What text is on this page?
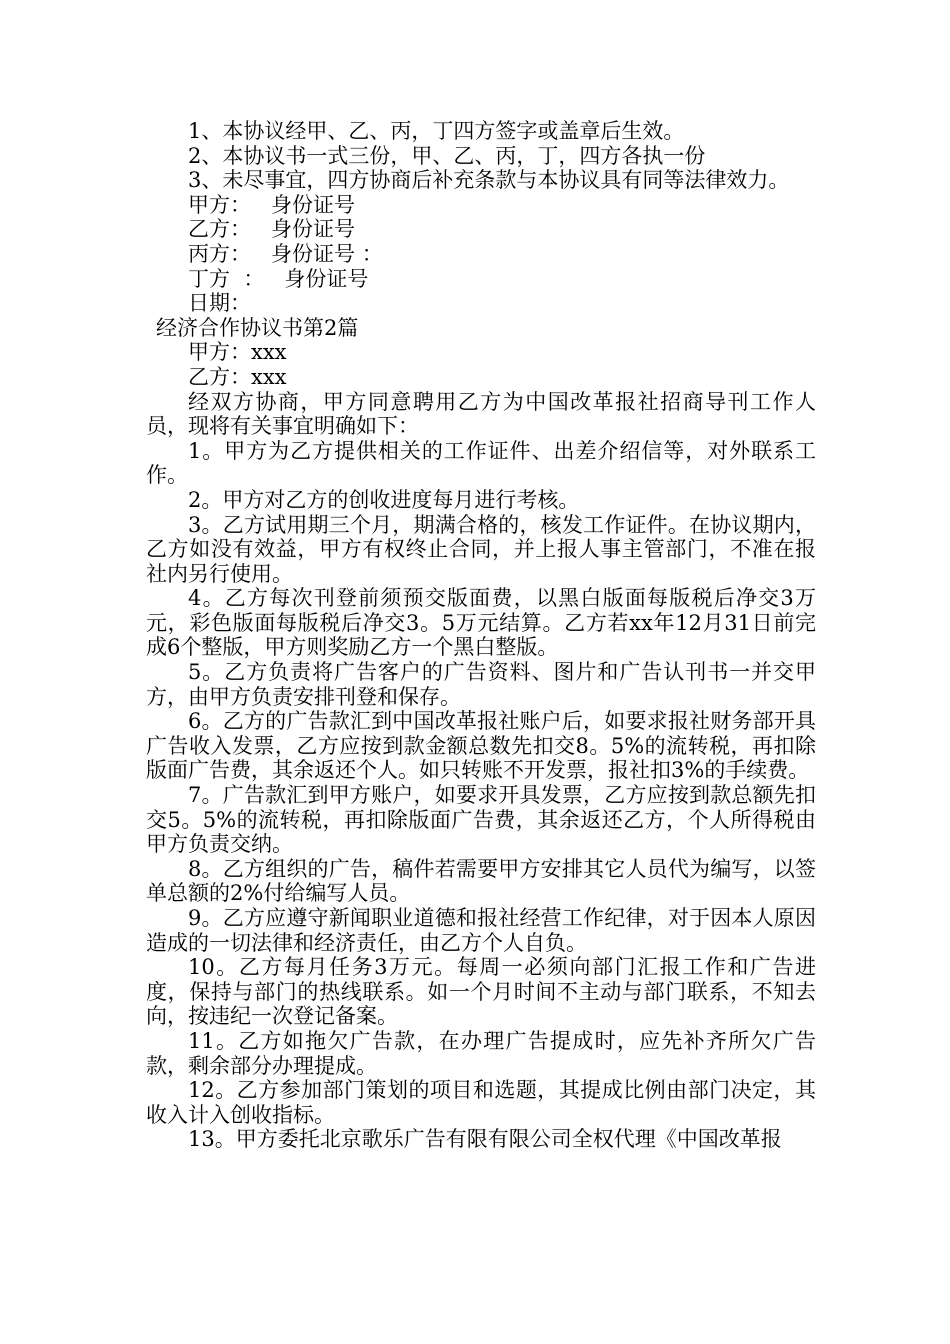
1、本协议经甲、乙、丙，丁四方签字或盖章后生效。

2、本协议书一式三份，甲、乙、丙，丁，四方各执一份

3、未尽事宜，四方协商后补充条款与本协议具有同等法律效力。

甲方：   身份证号

乙方：   身份证号

丙方：   身份证号 ：

丁方  ：   身份证号

日期：

经济合作协议书第2篇

甲方：xxx

乙方：xxx

经双方协商，甲方同意聘用乙方为中国改革报社招商导刊工作人员，现将有关事宜明确如下：

1。甲方为乙方提供相关的工作证件、出差介绍信等，对外联系工作。

2。甲方对乙方的创收进度每月进行考核。

3。乙方试用期三个月，期满合格的，核发工作证件。在协议期内，乙方如没有效益，甲方有权终止合同，并上报人事主管部门，不准在报社内另行使用。

4。乙方每次刊登前须预交版面费，以黑白版面每版税后净交3万元，彩色版面每版税后净交3。5万元结算。乙方若xx年12月31日前完成6个整版，甲方则奖励乙方一个黑白整版。

5。乙方负责将广告客户的广告资料、图片和广告认刊书一并交甲方，由甲方负责安排刊登和保存。

6。乙方的广告款汇到中国改革报社账户后，如要求报社财务部开具广告收入发票，乙方应按到款金额总数先扣交8。5%的流转税，再扣除版面广告费，其余返还个人。如只转账不开发票，报社扣3%的手续费。

7。广告款汇到甲方账户，如要求开具发票，乙方应按到款总额先扣交5。5%的流转税，再扣除版面广告费，其余返还乙方，个人所得税由甲方负责交纳。

8。乙方组织的广告，稿件若需要甲方安排其它人员代为编写，以签单总额的2%付给编写人员。

9。乙方应遵守新闻职业道德和报社经营工作纪律，对于因本人原因造成的一切法律和经济责任，由乙方个人自负。

10。乙方每月任务3万元。每周一必须向部门汇报工作和广告进度，保持与部门的热线联系。如一个月时间不主动与部门联系，不知去向，按违纪一次登记备案。

11。乙方如拖欠广告款，在办理广告提成时，应先补齐所欠广告款，剩余部分办理提成。

12。乙方参加部门策划的项目和选题，其提成比例由部门决定，其收入计入创收指标。

13。甲方委托北京歌乐广告有限有限公司全权代理《中国改革报
